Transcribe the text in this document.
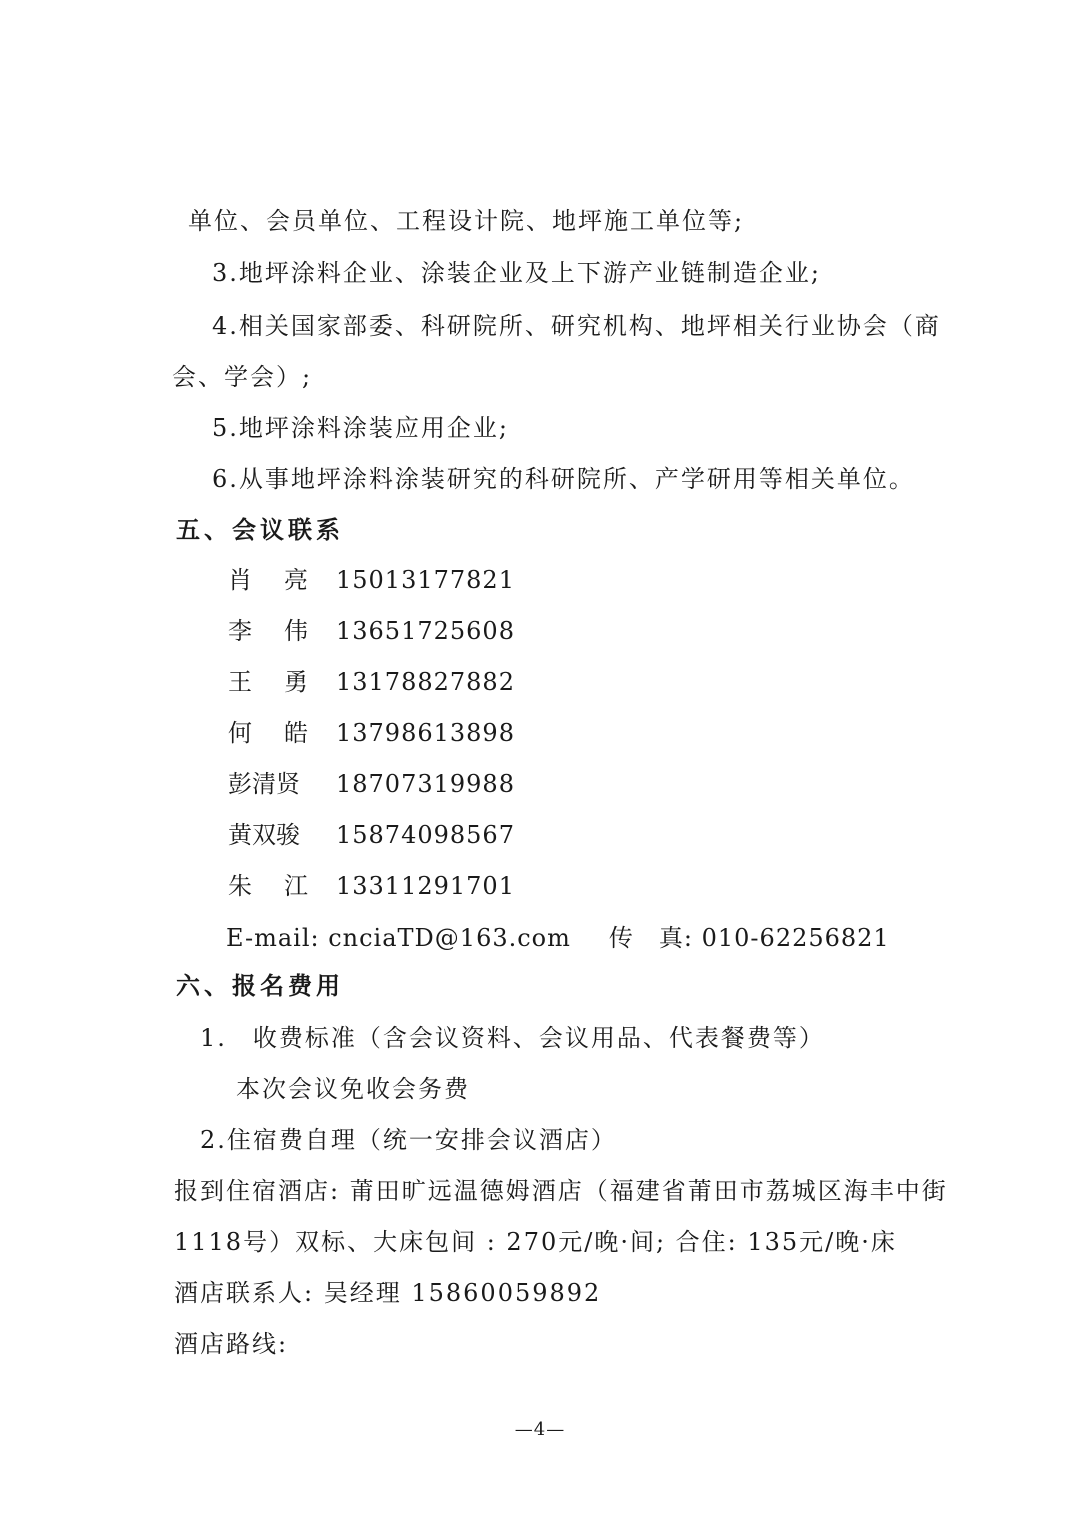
单位、会员单位、工程设计院、地坪施工单位等;
3.地坪涂料企业、涂装企业及上下游产业链制造企业;
4.相关国家部委、科研院所、研究机构、地坪相关行业协会（商
会、学会）;
5.地坪涂料涂装应用企业;
6.从事地坪涂料涂装研究的科研院所、产学研用等相关单位。
五、会议联系
肖亮15013177821
李伟13651725608
王勇13178827882
何皓13798613898
彭清贤 18707319988
黄双骏 15874098567
朱江13311291701
E-mail: cnciaTD@163.com 传　真: 010-62256821
六、报名费用
1.　收费标准（含会议资料、会议用品、代表餐费等）
本次会议免收会务费
2.住宿费自理（统一安排会议酒店）
报到住宿酒店: 莆田旷远温德姆酒店（福建省莆田市荔城区海丰中街
1118号）双标、大床包间 : 270元/晚·间; 合住: 135元/晚·床
酒店联系人: 吴经理 15860059892
酒店路线:
—4—
